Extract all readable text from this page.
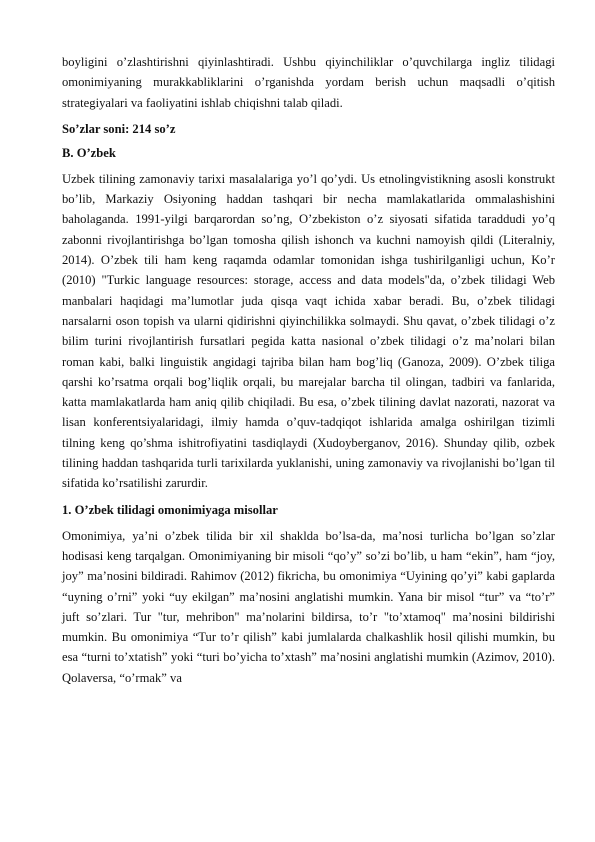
boyligini o’zlashtirishni qiyinlashtiradi. Ushbu qiyinchiliklar o’quvchilarga ingliz tilidagi omonimiyaning murakkabliklarini o’rganishda yordam berish uchun maqsadli o’qitish strategiyalari va faoliyatini ishlab chiqishni talab qiladi.

So’zlar soni: 214 so’z

B. O’zbek

Uzbek tilining zamonaviy tarixi masalalariga yo’l qo’ydi. Us etnolingvistikning asosli konstrukt bo’lib, Markaziy Osiyoning haddan tashqari bir necha mamlakatlarida ommalashishini baholaganda. 1991-yilgi barqarordan so’ng, O’zbekiston o’z siyosati sifatida taraddudi yo’q zabonni rivojlantirishga bo’lgan tomosha qilish ishonch va kuchni namoyish qildi (Literalniy, 2014). O’zbek tili ham keng raqamda odamlar tomonidan ishga tushirilganligi uchun, Ko’r (2010) "Turkic language resources: storage, access and data models"da, o’zbek tilidagi Web manbalari haqidagi ma’lumotlar juda qisqa vaqt ichida xabar beradi. Bu, o’zbek tilidagi narsalarni oson topish va ularni qidirishni qiyinchilikka solmaydi. Shu qavat, o’zbek tilidagi o’z bilim turini rivojlantirish fursatlari pegida katta nasional o’zbek tilidagi o’z ma’nolari bilan roman kabi, balki linguistik angidagi tajriba bilan ham bog’liq (Ganoza, 2009). O’zbek tiliga qarshi ko’rsatma orqali bog’liqlik orqali, bu marejalar barcha til olingan, tadbiri va fanlarida, katta mamlakatlarda ham aniq qilib chiqiladi. Bu esa, o’zbek tilining davlat nazorati, nazorat va lisan konferentsiyalaridagi, ilmiy hamda o’quv-tadqiqot ishlarida amalga oshirilgan tizimli tilning keng qo’shma ishitrofiyatini tasdiqlaydi (Xudoyberganov, 2016). Shunday qilib, ozbek tilining haddan tashqarida turli tarixilarda yuklanishi, uning zamonaviy va rivojlanishi bo’lgan til sifatida ko’rsatilishi zarurdir.

1. O’zbek tilidagi omonimiyaga misollar

Omonimiya, ya’ni o’zbek tilida bir xil shaklda bo’lsa-da, ma’nosi turlicha bo’lgan so’zlar hodisasi keng tarqalgan. Omonimiyaning bir misoli “qo’y” so’zi bo’lib, u ham “ekin”, ham “joy, joy” ma’nosini bildiradi. Rahimov (2012) fikricha, bu omonimiya “Uyining qo’yi” kabi gaplarda “uyning o’rni” yoki “uy ekilgan” ma’nosini anglatishi mumkin. Yana bir misol “tur” va “to’r” juft so’zlari. Tur "tur, mehribon" ma’nolarini bildirsa, to’r "to’xtamoq" ma’nosini bildirishi mumkin. Bu omonimiya “Tur to’r qilish” kabi jumlalarda chalkashlik hosil qilishi mumkin, bu esa “turni to’xtatish” yoki “turi bo’yicha to’xtash” ma’nosini anglatishi mumkin (Azimov, 2010). Qolaversa, “o’rmak” va
